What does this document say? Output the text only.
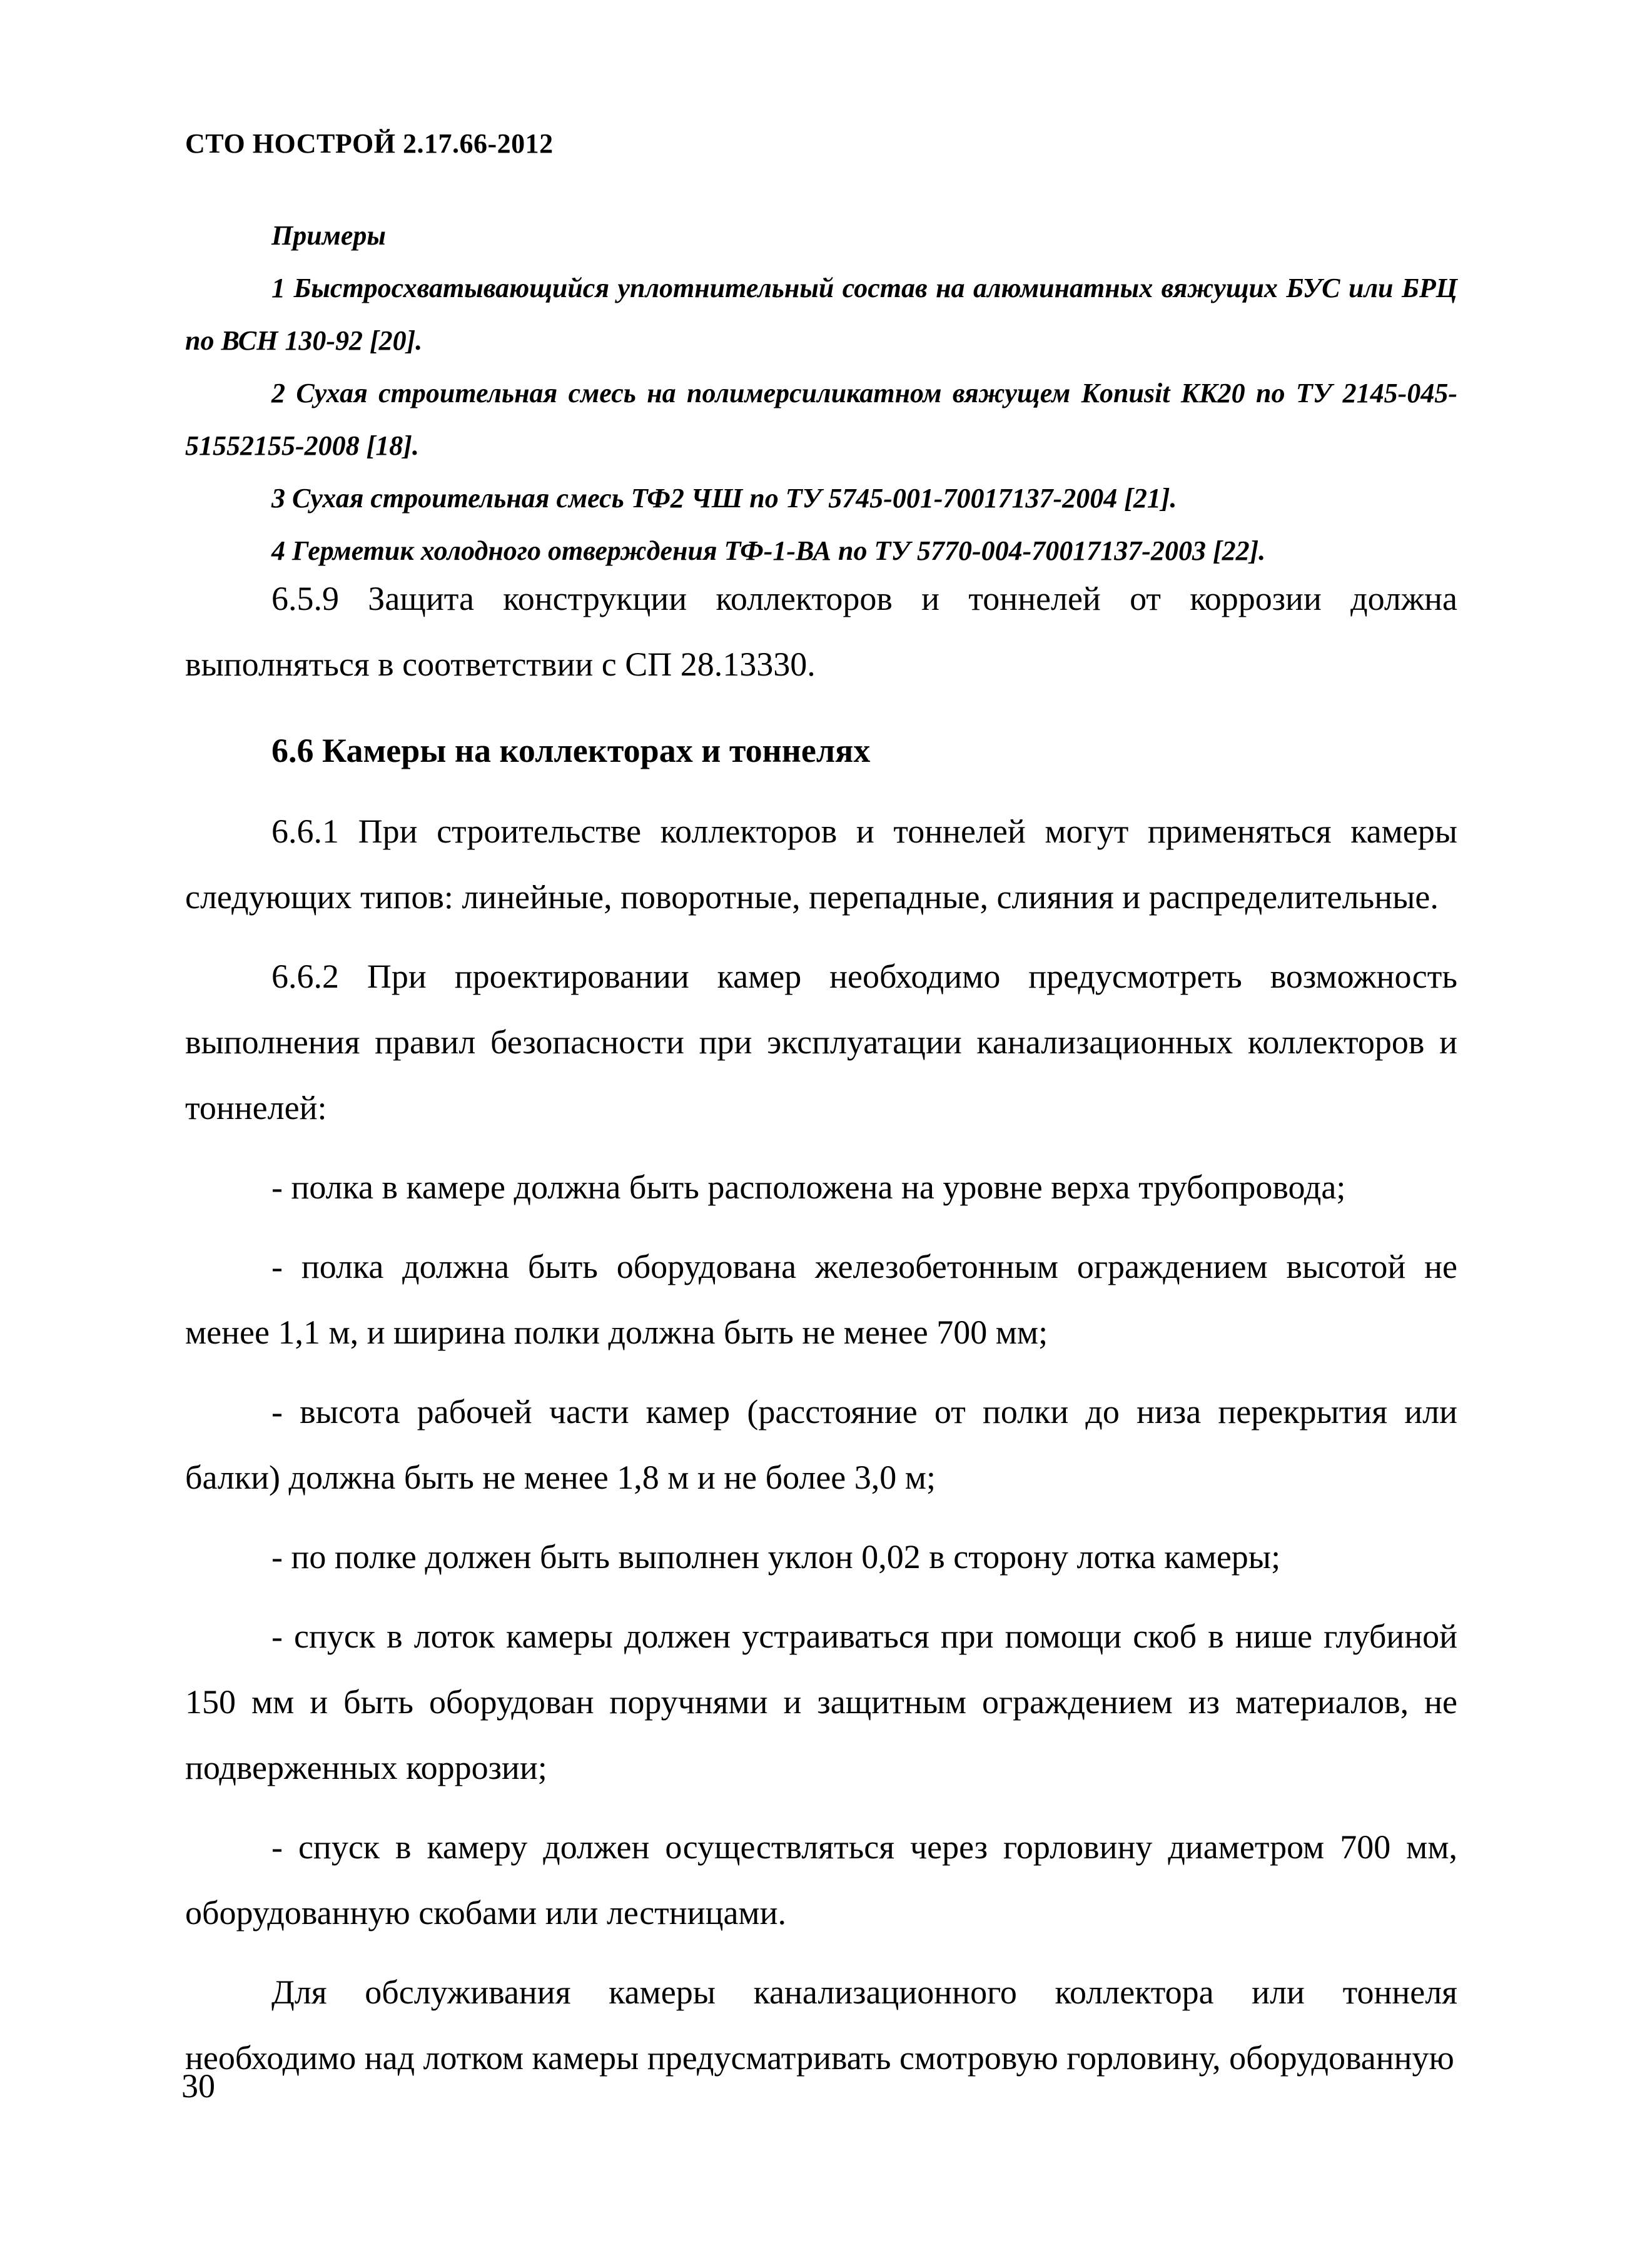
СТО НОСТРОЙ 2.17.66-2012

Примеры

1 Быстросхватывающийся уплотнительный состав на алюминатных вяжущих БУС или БРЦ по ВСН 130-92 [20].

2 Сухая строительная смесь на полимерсиликатном вяжущем Konusit KK20 по ТУ 2145-045-51552155-2008 [18].

3 Сухая строительная смесь ТФ2 ЧШ по ТУ 5745-001-70017137-2004 [21].

4 Герметик холодного отверждения ТФ-1-ВА по ТУ 5770-004-70017137-2003 [22].

6.5.9 Защита конструкции коллекторов и тоннелей от коррозии должна выполняться в соответствии с СП 28.13330.

6.6 Камеры на коллекторах и тоннелях

6.6.1 При строительстве коллекторов и тоннелей могут применяться камеры следующих типов: линейные, поворотные, перепадные, слияния и распределительные.

6.6.2 При проектировании камер необходимо предусмотреть возможность выполнения правил безопасности при эксплуатации канализационных коллекторов и тоннелей:

- полка в камере должна быть расположена на уровне верха трубопровода;

- полка должна быть оборудована железобетонным ограждением высотой не менее 1,1 м, и ширина полки должна быть не менее 700 мм;

- высота рабочей части камер (расстояние от полки до низа перекрытия или балки) должна быть не менее 1,8 м и не более 3,0 м;

- по полке должен быть выполнен уклон 0,02 в сторону лотка камеры;

- спуск в лоток камеры должен устраиваться при помощи скоб в нише глубиной 150 мм и быть оборудован поручнями и защитным ограждением из материалов, не подверженных коррозии;

- спуск в камеру должен осуществляться через горловину диаметром 700 мм, оборудованную скобами или лестницами.

Для обслуживания камеры канализационного коллектора или тоннеля необходимо над лотком камеры предусматривать смотровую горловину, оборудованную

30
